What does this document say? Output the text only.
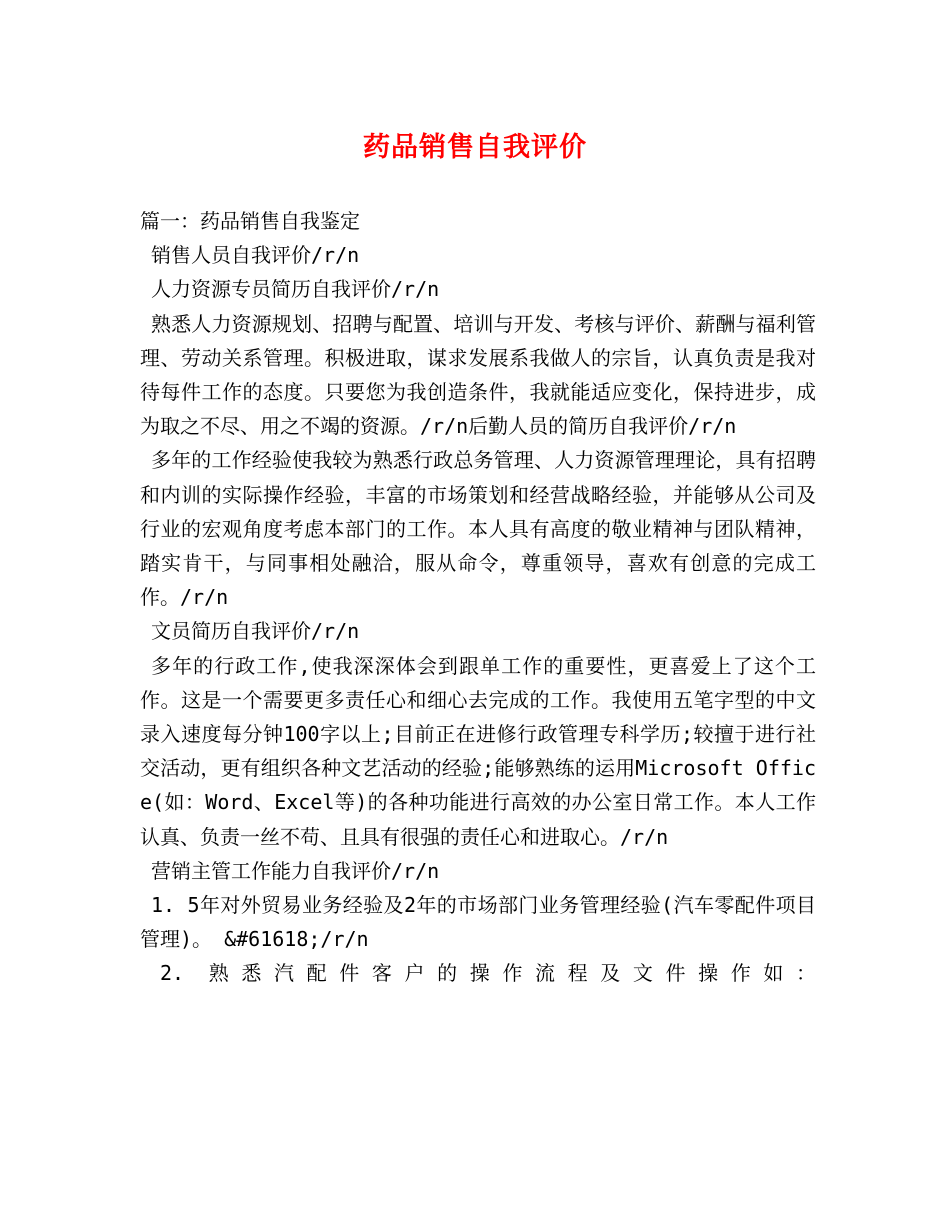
药品销售自我评价

篇一：药品销售自我鉴定

销售人员自我评价/r/n

人力资源专员简历自我评价/r/n

熟悉人力资源规划、招聘与配置、培训与开发、考核与评价、薪酬与福利管理、劳动关系管理。积极进取，谋求发展系我做人的宗旨，认真负责是我对待每件工作的态度。只要您为我创造条件，我就能适应变化，保持进步，成为取之不尽、用之不竭的资源。/r/n后勤人员的简历自我评价/r/n

多年的工作经验使我较为熟悉行政总务管理、人力资源管理理论，具有招聘和内训的实际操作经验，丰富的市场策划和经营战略经验，并能够从公司及行业的宏观角度考虑本部门的工作。本人具有高度的敬业精神与团队精神，踏实肯干，与同事相处融洽，服从命令，尊重领导，喜欢有创意的完成工作。/r/n

文员简历自我评价/r/n

多年的行政工作,使我深深体会到跟单工作的重要性，更喜爱上了这个工作。这是一个需要更多责任心和细心去完成的工作。我使用五笔字型的中文录入速度每分钟100字以上;目前正在进修行政管理专科学历;较擅于进行社交活动，更有组织各种文艺活动的经验;能够熟练的运用Microsoft Office(如：Word、Excel等)的各种功能进行高效的办公室日常工作。本人工作认真、负责一丝不苟、且具有很强的责任心和进取心。/r/n

营销主管工作能力自我评价/r/n

1. 5年对外贸易业务经验及2年的市场部门业务管理经验(汽车零配件项目管理)。 &#61618;/r/n

2. 熟悉汽配件客户的操作流程及文件操作如：
